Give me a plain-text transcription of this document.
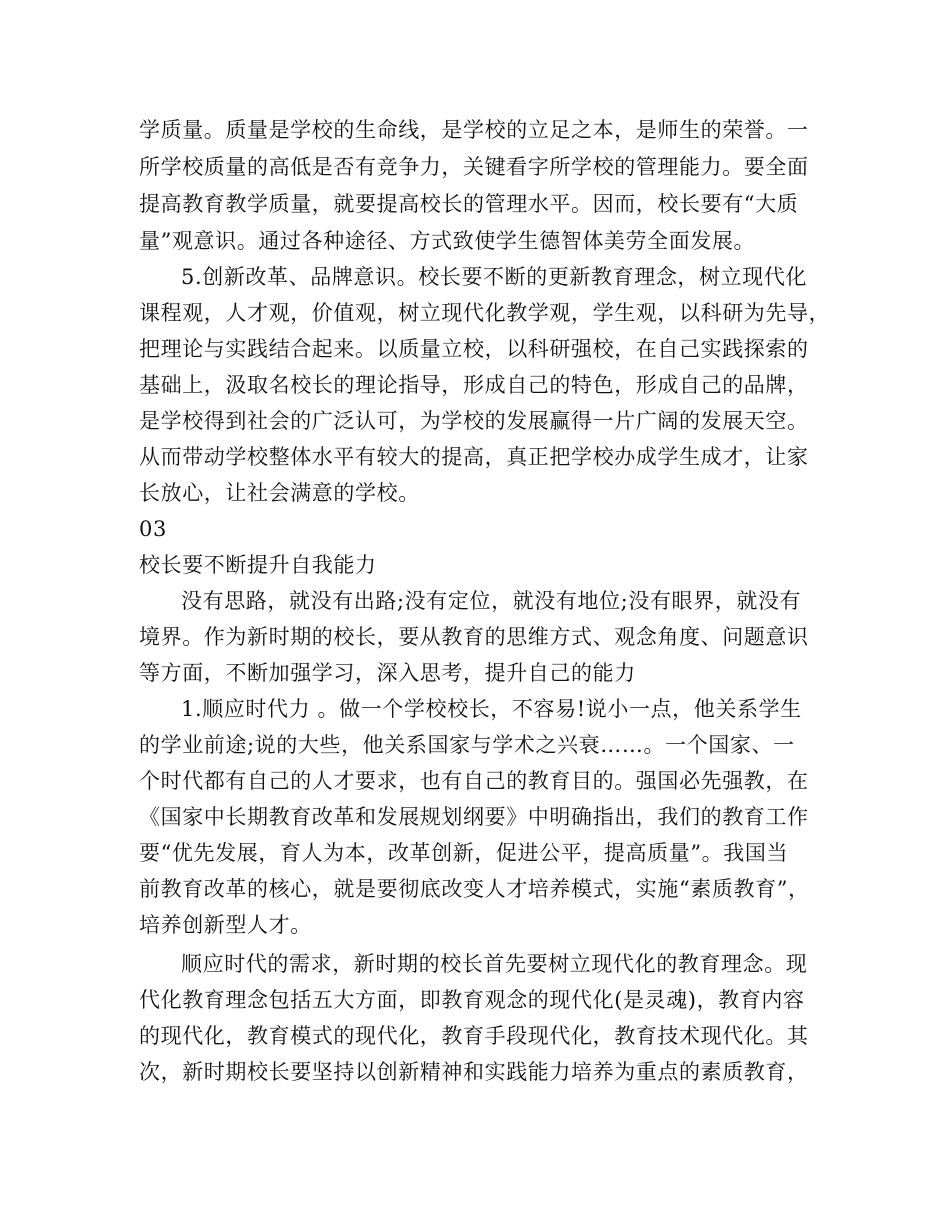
学质量。质量是学校的生命线，是学校的立足之本，是师生的荣誉。一
所学校质量的高低是否有竞争力，关键看字所学校的管理能力。要全面
提高教育教学质量，就要提高校长的管理水平。因而，校长要有“大质
量”观意识。通过各种途径、方式致使学生德智体美劳全面发展。
5.创新改革、品牌意识。校长要不断的更新教育理念，树立现代化
课程观，人才观，价值观，树立现代化教学观，学生观，以科研为先导，
把理论与实践结合起来。以质量立校，以科研强校，在自己实践探索的
基础上，汲取名校长的理论指导，形成自己的特色，形成自己的品牌，
是学校得到社会的广泛认可，为学校的发展赢得一片广阔的发展天空。
从而带动学校整体水平有较大的提高，真正把学校办成学生成才，让家
长放心，让社会满意的学校。
03
校长要不断提升自我能力
没有思路，就没有出路;没有定位，就没有地位;没有眼界，就没有
境界。作为新时期的校长，要从教育的思维方式、观念角度、问题意识
等方面，不断加强学习，深入思考，提升自己的能力
1.顺应时代力 。做一个学校校长，不容易!说小一点，他关系学生
的学业前途;说的大些，他关系国家与学术之兴衰……。一个国家、一
个时代都有自己的人才要求，也有自己的教育目的。强国必先强教，在
《国家中长期教育改革和发展规划纲要》中明确指出，我们的教育工作
要“优先发展，育人为本，改革创新，促进公平，提高质量”。我国当
前教育改革的核心，就是要彻底改变人才培养模式，实施“素质教育”，
培养创新型人才。
顺应时代的需求，新时期的校长首先要树立现代化的教育理念。现
代化教育理念包括五大方面，即教育观念的现代化(是灵魂)，教育内容
的现代化，教育模式的现代化，教育手段现代化，教育技术现代化。其
次，新时期校长要坚持以创新精神和实践能力培养为重点的素质教育，
